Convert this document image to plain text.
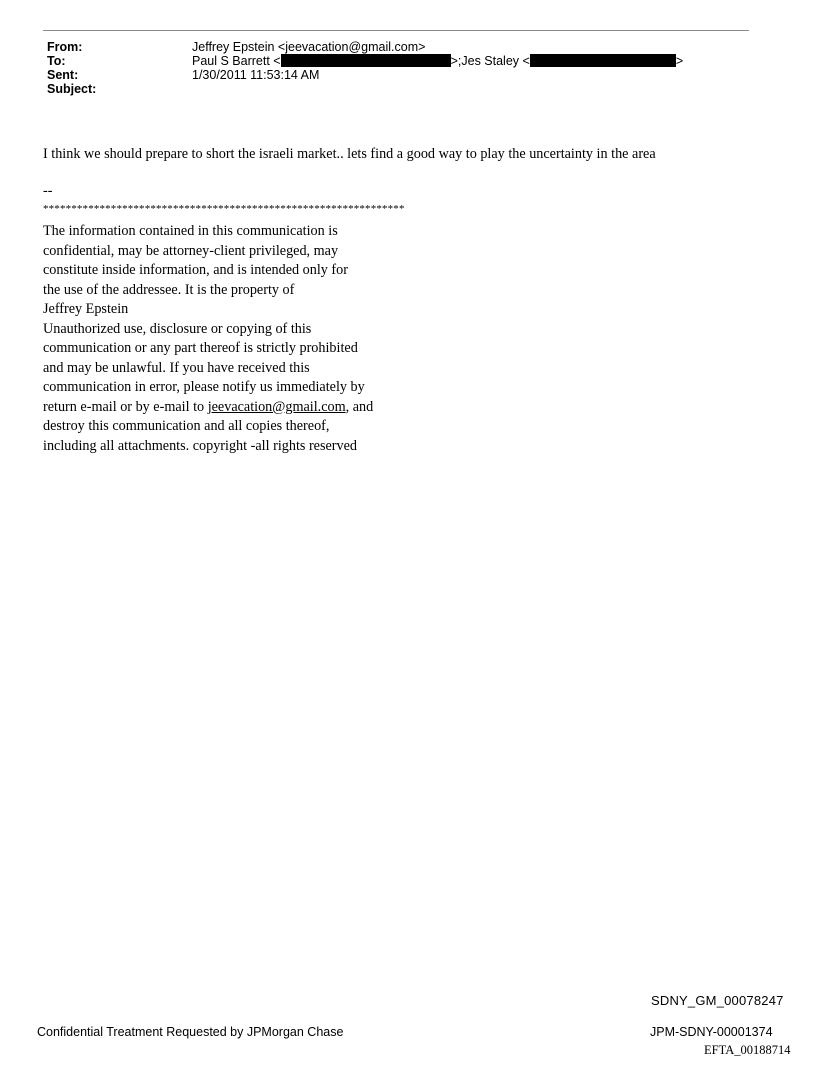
From:	Jeffrey Epstein <jeevacation@gmail.com>
To:	Paul S Barrett <	>;Jes Staley <	>
Sent:	1/30/2011 11:53:14 AM
Subject:
I think we should prepare to short the israeli market.. lets find a good way to play the uncertainty in the area
--
****************************************************************
The information contained in this communication is
confidential, may be attorney-client privileged, may
constitute inside information, and is intended only for
the use of the addressee. It is the property of
Jeffrey Epstein
Unauthorized use, disclosure or copying of this
communication or any part thereof is strictly prohibited
and may be unlawful. If you have received this
communication in error, please notify us immediately by
return e-mail or by e-mail to jeevacation@gmail.com, and
destroy this communication and all copies thereof,
including all attachments. copyright -all rights reserved
SDNY_GM_00078247
Confidential Treatment Requested by JPMorgan Chase	JPM-SDNY-00001374
EFTA_00188714
